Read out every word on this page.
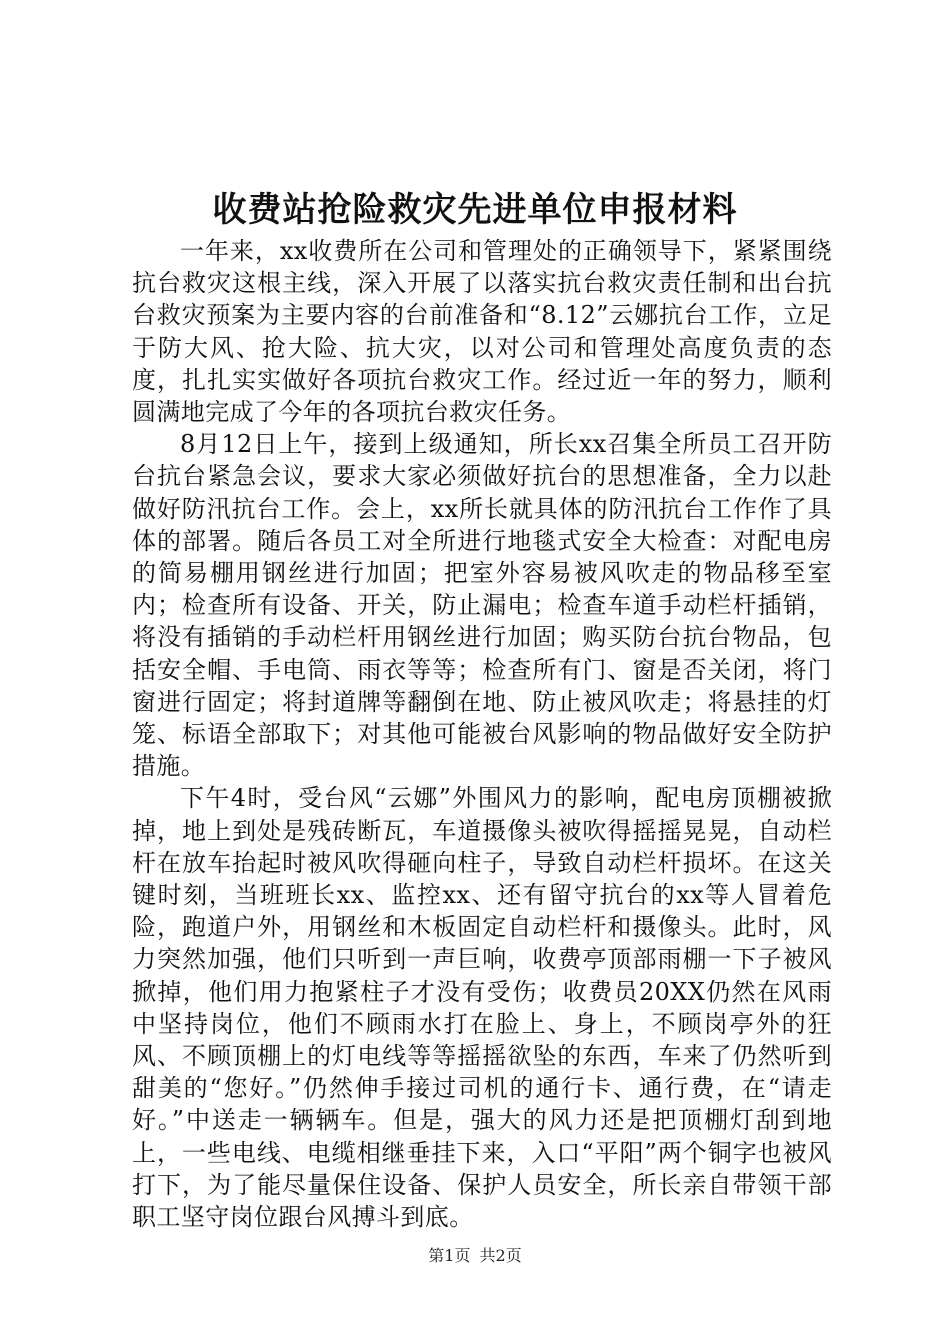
收费站抢险救灾先进单位申报材料

一年来，xx收费所在公司和管理处的正确领导下，紧紧围绕抗台救灾这根主线，深入开展了以落实抗台救灾责任制和出台抗台救灾预案为主要内容的台前准备和“8.12”云娜抗台工作，立足于防大风、抢大险、抗大灾，以对公司和管理处高度负责的态度，扎扎实实做好各项抗台救灾工作。经过近一年的努力，顺利圆满地完成了今年的各项抗台救灾任务。

8月12日上午，接到上级通知，所长xx召集全所员工召开防台抗台紧急会议，要求大家必须做好抗台的思想准备，全力以赴做好防汛抗台工作。会上，xx所长就具体的防汛抗台工作作了具体的部署。随后各员工对全所进行地毯式安全大检查：对配电房的简易棚用钢丝进行加固；把室外容易被风吹走的物品移至室内；检查所有设备、开关，防止漏电；检查车道手动栏杆插销，将没有插销的手动栏杆用钢丝进行加固；购买防台抗台物品，包括安全帽、手电筒、雨衣等等；检查所有门、窗是否关闭，将门窗进行固定；将封道牌等翻倒在地、防止被风吹走；将悬挂的灯笼、标语全部取下；对其他可能被台风影响的物品做好安全防护措施。

下午4时，受台风“云娜”外围风力的影响，配电房顶棚被掀掉，地上到处是残砖断瓦，车道摄像头被吹得摇摇晃晃，自动栏杆在放车抬起时被风吹得砸向柱子，导致自动栏杆损坏。在这关键时刻，当班班长xx、监控xx、还有留守抗台的xx等人冒着危险，跑道户外，用钢丝和木板固定自动栏杆和摄像头。此时，风力突然加强，他们只听到一声巨响，收费亭顶部雨棚一下子被风掀掉，他们用力抱紧柱子才没有受伤；收费员20XX仍然在风雨中坚持岗位，他们不顾雨水打在脸上、身上，不顾岗亭外的狂风、不顾顶棚上的灯电线等等摇摇欲坠的东西，车来了仍然听到甜美的“您好。”仍然伸手接过司机的通行卡、通行费，在“请走好。”中送走一辆辆车。但是，强大的风力还是把顶棚灯刮到地上，一些电线、电缆相继垂挂下来，入口“平阳”两个铜字也被风打下，为了能尽量保住设备、保护人员安全，所长亲自带领干部职工坚守岗位跟台风搏斗到底。

第1页 共2页
